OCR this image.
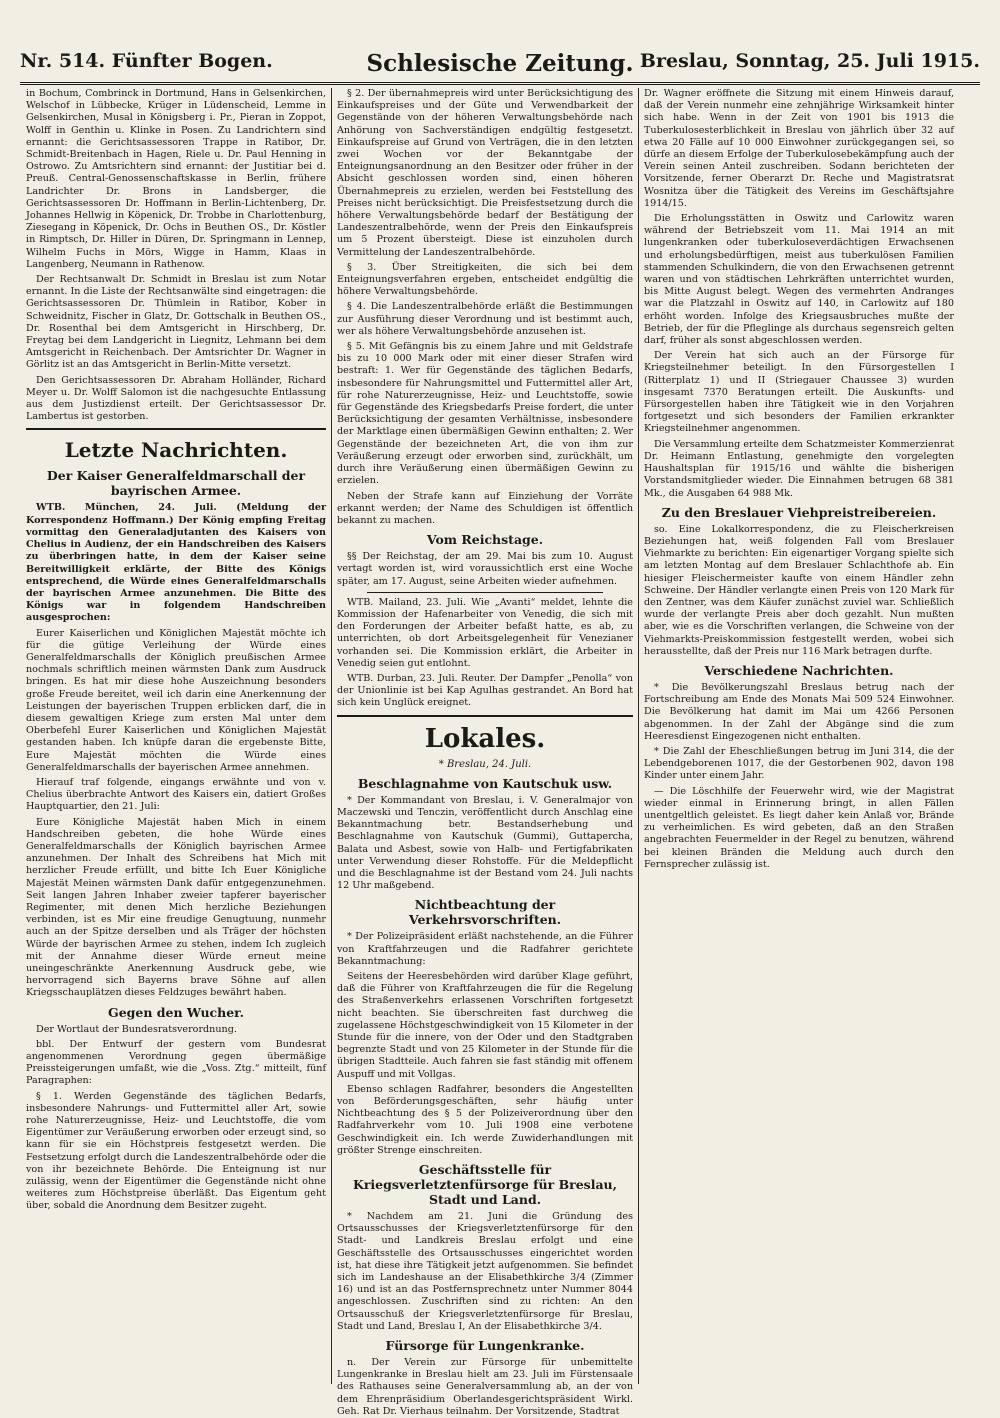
Nr. 514. Fünfter Bogen.	Schlesische Zeitung. Breslau, Sonntag, 25. Juli 1915.

in Bochum, Combrinck in Dortmund, Hans in Gelsenkirchen, Welschof in Lübbecke, Krüger in Lüdenscheid, Lemme in Gelsenkirchen, Musal in Königsberg i. Pr., Pieran in Zoppot, Wolff in Genthin u. Klinke in Posen. Zu Landrichtern sind ernannt: die Gerichtsassessoren Trappe in Ratibor, Dr. Schmidt-Breitenbach in Hagen, Riele u. Dr. Paul Henning in Ostrowo. Zu Amtsrichtern sind ernannt: der Justitiar bei d. Preuß. Central-Genossenschaftskasse in Berlin, frühere Landrichter Dr. Brons in Landsberger, die Gerichtsassessoren Dr. Hoffmann in Berlin-Lichtenberg, Dr. Johannes Hellwig in Köpenick, Dr. Trobbe in Charlottenburg, Ziesegang in Köpenick, Dr. Ochs in Beuthen OS., Dr. Köstler in Rimptsch, Dr. Hiller in Düren, Dr. Springmann in Lennep, Wilhelm Fuchs in Mörs, Wigge in Hamm, Klaas in Langenberg, Neumann in Rathenow.

Der Rechtsanwalt Dr. Schmidt in Breslau ist zum Notar ernannt. In die Liste der Rechtsanwälte sind eingetragen: die Gerichtsassessoren Dr. Thümlein in Ratibor, Kober in Schweidnitz, Fischer in Glatz, Dr. Gottschalk in Beuthen OS., Dr. Rosenthal bei dem Amtsgericht in Hirschberg, Dr. Freytag bei dem Landgericht in Liegnitz, Lehmann bei dem Amtsgericht in Reichenbach. Der Amtsrichter Dr. Wagner in Görlitz ist an das Amtsgericht in Berlin-Mitte versetzt.

Den Gerichtsassessoren Dr. Abraham Holländer, Richard Meyer u. Dr. Wolff Salomon ist die nachgesuchte Entlassung aus dem Justizdienst erteilt. Der Gerichtsassessor Dr. Lambertus ist gestorben.

Letzte Nachrichten.
Der Kaiser Generalfeldmarschall der bayrischen Armee.

WTB. München, 24. Juli. (Meldung der Korrespondenz Hoffmann.) Der König empfing Freitag vormittag den Generaladjutanten des Kaisers von Chelius in Audienz, der ein Handschreiben des Kaisers zu überbringen hatte, in dem der Kaiser seine Bereitwilligkeit erklärte, der Bitte des Königs entsprechend, die Würde eines Generalfeldmarschalls der bayrischen Armee anzunehmen. Die Bitte des Königs war in folgendem Handschreiben ausgesprochen:

Eurer Kaiserlichen und Königlichen Majestät möchte ich für die gütige Verleihung der Würde eines Generalfeldmarschalls der Königlich preußischen Armee nochmals schriftlich meinen wärmsten Dank zum Ausdruck bringen. Es hat mir diese hohe Auszeichnung besonders große Freude bereitet, weil ich darin eine Anerkennung der Leistungen der bayerischen Truppen erblicken darf, die in diesem gewaltigen Kriege zum ersten Mal unter dem Oberbefehl Eurer Kaiserlichen und Königlichen Majestät gestanden haben. Ich knüpfe daran die ergebenste Bitte, Eure Majestät möchten die Würde eines Generalfeldmarschalls der bayerischen Armee annehmen.

Hierauf traf folgende, eingangs erwähnte und von v. Chelius überbrachte Antwort des Kaisers ein, datiert Großes Hauptquartier, den 21. Juli:

Eure Königliche Majestät haben Mich in einem Handschreiben gebeten, die hohe Würde eines Generalfeldmarschalls der Königlich bayrischen Armee anzunehmen. Der Inhalt des Schreibens hat Mich mit herzlicher Freude erfüllt, und bitte Ich Euer Königliche Majestät Meinen wärmsten Dank dafür entgegenzunehmen. Seit langen Jahren Inhaber zweier tapferer bayerischer Regimenter, mit denen Mich herzliche Beziehungen verbinden, ist es Mir eine freudige Genugtuung, nunmehr auch an der Spitze derselben und als Träger der höchsten Würde der bayrischen Armee zu stehen, indem Ich zugleich mit der Annahme dieser Würde erneut meine uneingeschränkte Anerkennung Ausdruck gebe, wie hervorragend sich Bayerns brave Söhne auf allen Kriegsschauplätzen dieses Feldzuges bewährt haben.

Gegen den Wucher.

Der Wortlaut der Bundesratsverordnung.

bbl. Der Entwurf der gestern vom Bundesrat angenommenen Verordnung gegen übermäßige Preissteigerungen umfaßt, wie die „Voss. Ztg.“ mitteilt, fünf Paragraphen:

§ 1. Werden Gegenstände des täglichen Bedarfs, insbesondere Nahrungs- und Futtermittel aller Art, sowie rohe Naturerzeugnisse, Heiz- und Leuchtstoffe, die vom Eigentümer zur Veräußerung erworben oder erzeugt sind, so kann für sie ein Höchstpreis festgesetzt werden. Die Festsetzung erfolgt durch die Landeszentralbehörde oder die von ihr bezeichnete Behörde. Die Enteignung ist nur zulässig, wenn der Eigentümer die Gegenstände nicht ohne weiteres zum Höchstpreise überläßt. Das Eigentum geht über, sobald die Anordnung dem Besitzer zugeht.

§ 2. Der übernahmepreis wird unter Berücksichtigung des Einkaufspreises und der Güte und Verwendbarkeit der Gegenstände von der höheren Verwaltungsbehörde nach Anhörung von Sachverständigen endgültig festgesetzt. Einkaufspreise auf Grund von Verträgen, die in den letzten zwei Wochen vor der Bekanntgabe der Enteignungsanordnung an den Besitzer oder früher in der Absicht geschlossen worden sind, einen höheren Übernahmepreis zu erzielen, werden bei Feststellung des Preises nicht berücksichtigt. Die Preisfestsetzung durch die höhere Verwaltungsbehörde bedarf der Bestätigung der Landeszentralbehörde, wenn der Preis den Einkaufspreis um 5 Prozent übersteigt. Diese ist einzuholen durch Vermittelung der Landeszentralbehörde.

§ 3. Über Streitigkeiten, die sich bei dem Enteignungsverfahren ergeben, entscheidet endgültig die höhere Verwaltungsbehörde.

§ 4. Die Landeszentralbehörde erläßt die Bestimmungen zur Ausführung dieser Verordnung und ist bestimmt auch, wer als höhere Verwaltungsbehörde anzusehen ist.

§ 5. Mit Gefängnis bis zu einem Jahre und mit Geldstrafe bis zu 10 000 Mark oder mit einer dieser Strafen wird bestraft: 1. Wer für Gegenstände des täglichen Bedarfs, insbesondere für Nahrungsmittel und Futtermittel aller Art, für rohe Naturerzeugnisse, Heiz- und Leuchtstoffe, sowie für Gegenstände des Kriegsbedarfs Preise fordert, die unter Berücksichtigung der gesamten Verhältnisse, insbesondere der Marktlage einen übermäßigen Gewinn enthalten; 2. Wer Gegenstände der bezeichneten Art, die von ihm zur Veräußerung erzeugt oder erworben sind, zurückhält, um durch ihre Veräußerung einen übermäßigen Gewinn zu erzielen.

Neben der Strafe kann auf Einziehung der Vorräte erkannt werden; der Name des Schuldigen ist öffentlich bekannt zu machen.

Vom Reichstage.

§§ Der Reichstag, der am 29. Mai bis zum 10. August vertagt worden ist, wird voraussichtlich erst eine Woche später, am 17. August, seine Arbeiten wieder aufnehmen.

WTB. Mailand, 23. Juli. Wie „Avanti“ meldet, lehnte die Kommission der Hafenarbeiter von Venedig, die sich mit den Forderungen der Arbeiter befaßt hatte, es ab, zu unterrichten, ob dort Arbeitsgelegenheit für Venezianer vorhanden sei. Die Kommission erklärt, die Arbeiter in Venedig seien gut entlohnt.

WTB. Durban, 23. Juli. Reuter. Der Dampfer „Penolla“ von der Unionlinie ist bei Kap Agulhas gestrandet. An Bord hat sich kein Unglück ereignet.

Lokales.
* Breslau, 24. Juli.
Beschlagnahme von Kautschuk usw.

* Der Kommandant von Breslau, i. V. Generalmajor von Maczewski und Tenczin, veröffentlicht durch Anschlag eine Bekanntmachung betr. Bestandserhebung und Beschlagnahme von Kautschuk (Gummi), Guttapercha, Balata und Asbest, sowie von Halb- und Fertigfabrikaten unter Verwendung dieser Rohstoffe. Für die Meldepflicht und die Beschlagnahme ist der Bestand vom 24. Juli nachts 12 Uhr maßgebend.

Nichtbeachtung der Verkehrsvorschriften.

* Der Polizeipräsident erläßt nachstehende, an die Führer von Kraftfahrzeugen und die Radfahrer gerichtete Bekanntmachung:

Seitens der Heeresbehörden wird darüber Klage geführt, daß die Führer von Kraftfahrzeugen die für die Regelung des Straßenverkehrs erlassenen Vorschriften fortgesetzt nicht beachten. Sie überschreiten fast durchweg die zugelassene Höchstgeschwindigkeit von 15 Kilometer in der Stunde für die innere, von der Oder und den Stadtgraben begrenzte Stadt und von 25 Kilometer in der Stunde für die übrigen Stadtteile. Auch fahren sie fast ständig mit offenem Auspuff und mit Vollgas.

Ebenso schlagen Radfahrer, besonders die Angestellten von Beförderungsgeschäften, sehr häufig unter Nichtbeachtung des § 5 der Polizeiverordnung über den Radfahrverkehr vom 10. Juli 1908 eine verbotene Geschwindigkeit ein. Ich werde Zuwiderhandlungen mit größter Strenge einschreiten.

Geschäftsstelle für Kriegsverletztenfürsorge für Breslau, Stadt und Land.

* Nachdem am 21. Juni die Gründung des Ortsausschusses der Kriegsverletztenfürsorge für den Stadt- und Landkreis Breslau erfolgt und eine Geschäftsstelle des Ortsausschusses eingerichtet worden ist, hat diese ihre Tätigkeit jetzt aufgenommen. Sie befindet sich im Landeshause an der Elisabethkirche 3/4 (Zimmer 16) und ist an das Postfernsprechnetz unter Nummer 8044 angeschlossen. Zuschriften sind zu richten: An den Ortsausschuß der Kriegsverletztenfürsorge für Breslau, Stadt und Land, Breslau I, An der Elisabethkirche 3/4.

Fürsorge für Lungenkranke.

n. Der Verein zur Fürsorge für unbemittelte Lungenkranke in Breslau hielt am 23. Juli im Fürstensaale des Rathauses seine Generalversammlung ab, an der von dem Ehrenpräsidium Oberlandesgerichtspräsident Wirkl. Geh. Rat Dr. Vierhaus teilnahm. Der Vorsitzende, Stadtrat

Dr. Wagner eröffnete die Sitzung mit einem Hinweis darauf, daß der Verein nunmehr eine zehnjährige Wirksamkeit hinter sich habe. Wenn in der Zeit von 1901 bis 1913 die Tuberkulosesterblichkeit in Breslau von jährlich über 32 auf etwa 20 Fälle auf 10 000 Einwohner zurückgegangen sei, so dürfe an diesem Erfolge der Tuberkulosebekämpfung auch der Verein seinen Anteil zuschreiben. Sodann berichteten der Vorsitzende, ferner Oberarzt Dr. Reche und Magistratsrat Wosnitza über die Tätigkeit des Vereins im Geschäftsjahre 1914/15.

Die Erholungsstätten in Oswitz und Carlowitz waren während der Betriebszeit vom 11. Mai 1914 an mit lungenkranken oder tuberkuloseverdächtigen Erwachsenen und erholungsbedürftigen, meist aus tuberkulösen Familien stammenden Schulkindern, die von den Erwachsenen getrennt waren und von städtischen Lehrkräften unterrichtet wurden, bis Mitte August belegt. Wegen des vermehrten Andranges war die Platzzahl in Oswitz auf 140, in Carlowitz auf 180 erhöht worden. Infolge des Kriegsausbruches mußte der Betrieb, der für die Pfleglinge als durchaus segensreich gelten darf, früher als sonst abgeschlossen werden.

Der Verein hat sich auch an der Fürsorge für Kriegsteilnehmer beteiligt. In den Fürsorgestellen I (Ritterplatz 1) und II (Striegauer Chaussee 3) wurden insgesamt 7370 Beratungen erteilt. Die Auskunfts- und Fürsorgestellen haben ihre Tätigkeit wie in den Vorjahren fortgesetzt und sich besonders der Familien erkrankter Kriegsteilnehmer angenommen.

Die Versammlung erteilte dem Schatzmeister Kommerzienrat Dr. Heimann Entlastung, genehmigte den vorgelegten Haushaltsplan für 1915/16 und wählte die bisherigen Vorstandsmitglieder wieder. Die Einnahmen betrugen 68 381 Mk., die Ausgaben 64 988 Mk.

Zu den Breslauer Viehpreistreibereien.

so. Eine Lokalkorrespondenz, die zu Fleischerkreisen Beziehungen hat, weiß folgenden Fall vom Breslauer Viehmarkte zu berichten: Ein eigenartiger Vorgang spielte sich am letzten Montag auf dem Breslauer Schlachthofe ab. Ein hiesiger Fleischermeister kaufte von einem Händler zehn Schweine. Der Händler verlangte einen Preis von 120 Mark für den Zentner, was dem Käufer zunächst zuviel war. Schließlich wurde der verlangte Preis aber doch gezahlt. Nun mußten aber, wie es die Vorschriften verlangen, die Schweine von der Viehmarkts-Preiskommission festgestellt werden, wobei sich herausstellte, daß der Preis nur 116 Mark betragen durfte.

Verschiedene Nachrichten.

* Die Bevölkerungszahl Breslaus betrug nach der Fortschreibung am Ende des Monats Mai 509 524 Einwohner. Die Bevölkerung hat damit im Mai um 4266 Personen abgenommen. In der Zahl der Abgänge sind die zum Heeresdienst Eingezogenen nicht enthalten.

* Die Zahl der Eheschließungen betrug im Juni 314, die der Lebendgeborenen 1017, die der Gestorbenen 902, davon 198 Kinder unter einem Jahr.

— Die Löschhilfe der Feuerwehr wird, wie der Magistrat wieder einmal in Erinnerung bringt, in allen Fällen unentgeltlich geleistet. Es liegt daher kein Anlaß vor, Brände zu verheimlichen. Es wird gebeten, daß an den Straßen angebrachten Feuermelder in der Regel zu benutzen, während bei kleinen Bränden die Meldung auch durch den Fernsprecher zulässig ist.
